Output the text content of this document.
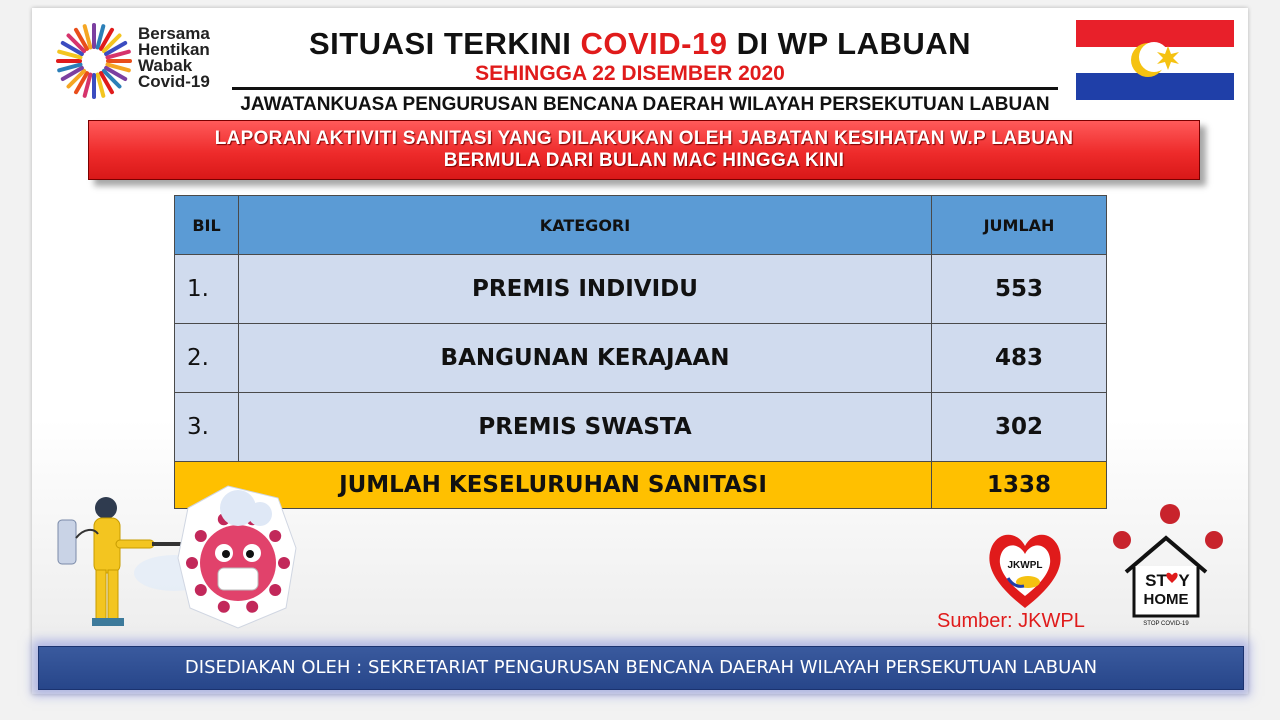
Bersama
Hentikan
Wabak
Covid-19
SITUASI TERKINI COVID-19 DI WP LABUAN
SEHINGGA 22 DISEMBER 2020
JAWATANKUASA PENGURUSAN BENCANA DAERAH WILAYAH PERSEKUTUAN LABUAN
LAPORAN AKTIVITI SANITASI YANG DILAKUKAN OLEH JABATAN KESIHATAN W.P LABUAN
BERMULA DARI BULAN MAC HINGGA KINI
BIL	KATEGORI	JUMLAH
1.	PREMIS INDIVIDU	553
2.	BANGUNAN KERAJAAN	483
3.	PREMIS SWASTA	302
JUMLAH KESELURUHAN SANITASI		1338
JKWPL
Sumber: JKWPL
ST Y
HOME
STOP COVID-19
DISEDIAKAN OLEH : SEKRETARIAT PENGURUSAN BENCANA DAERAH WILAYAH PERSEKUTUAN LABUAN
